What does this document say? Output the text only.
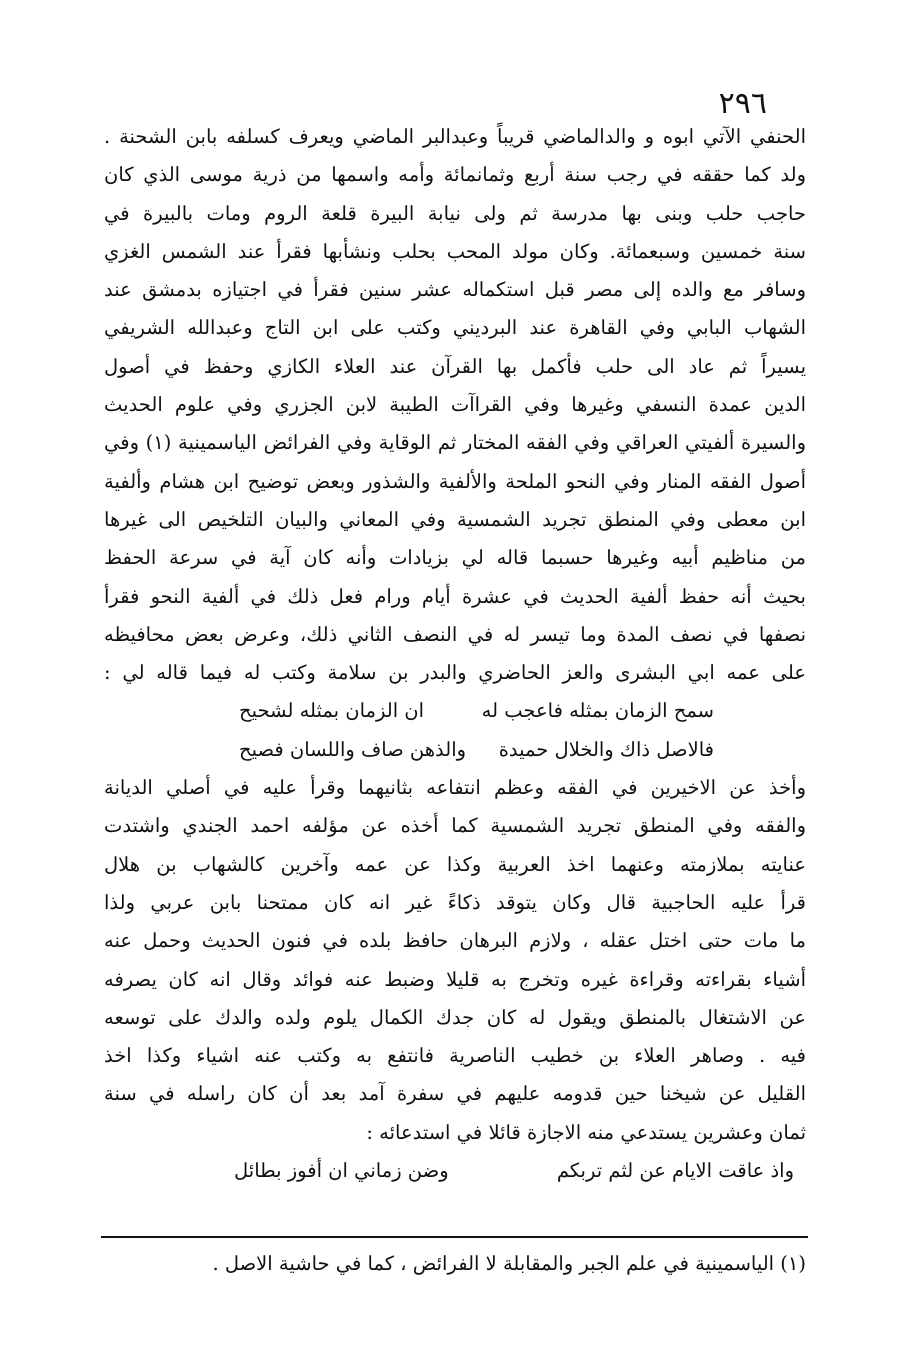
٢٩٦
الحنفي الآتي ابوه و والدالماضي قريباً وعبدالبر الماضي ويعرف كسلفه بابن الشحنة .
ولد كما حققه في رجب سنة أربع وثمانمائة وأمه واسمها من ذرية موسى الذي كان
حاجب حلب وبنى بها مدرسة ثم ولى نيابة البيرة قلعة الروم ومات بالبيرة في
سنة خمسين وسبعمائة. وكان مولد المحب بحلب ونشأبها فقرأ عند الشمس الغزي
وسافر مع والده إلى مصر قبل استكماله عشر سنين فقرأ في اجتيازه بدمشق عند
الشهاب البابي وفي القاهرة عند البرديني وكتب على ابن التاج وعبدالله الشريفي
يسيراً ثم عاد الى حلب فأكمل بها القرآن عند العلاء الكازي وحفظ في أصول
الدين عمدة النسفي وغيرها وفي القراآت الطيبة لابن الجزري وفي علوم الحديث
والسيرة ألفيتي العراقي وفي الفقه المختار ثم الوقاية وفي الفرائض الياسمينية (١) وفي
أصول الفقه المنار وفي النحو الملحة والألفية والشذور وبعض توضيح ابن هشام وألفية
ابن معطى وفي المنطق تجريد الشمسية وفي المعاني والبيان التلخيص الى غيرها
من مناظيم أبيه وغيرها حسبما قاله لي بزيادات وأنه كان آية في سرعة الحفظ
بحيث أنه حفظ ألفية الحديث في عشرة أيام ورام فعل ذلك في ألفية النحو فقرأ
نصفها في نصف المدة وما تيسر له في النصف الثاني ذلك، وعرض بعض محافيظه
على عمه ابي البشرى والعز الحاضري والبدر بن سلامة وكتب له فيما قاله لي :
سمح الزمان بمثله فاعجب له
ان الزمان بمثله لشحيح
فالاصل ذاك والخلال حميدة
والذهن صاف واللسان فصيح
وأخذ عن الاخيرين في الفقه وعظم انتفاعه بثانيهما وقرأ عليه في أصلي الديانة
والفقه وفي المنطق تجريد الشمسية كما أخذه عن مؤلفه احمد الجندي واشتدت
عنايته بملازمته وعنهما اخذ العربية وكذا عن عمه وآخرين كالشهاب بن هلال
قرأ عليه الحاجبية قال وكان يتوقد ذكاءً غير انه كان ممتحنا بابن عربي ولذا
ما مات حتى اختل عقله ، ولازم البرهان حافظ بلده في فنون الحديث وحمل عنه
أشياء بقراءته وقراءة غيره وتخرج به قليلا وضبط عنه فوائد وقال انه كان يصرفه
عن الاشتغال بالمنطق ويقول له كان جدك الكمال يلوم ولده والدك على توسعه
فيه . وصاهر العلاء بن خطيب الناصرية فانتفع به وكتب عنه اشياء وكذا اخذ
القليل عن شيخنا حين قدومه عليهم في سفرة آمد بعد أن كان راسله في سنة
ثمان وعشرين يستدعي منه الاجازة قائلا في استدعائه :
واذ عاقت الايام عن لثم تربكم
وضن زماني ان أفوز بطائل
(١) الياسمينية في علم الجبر والمقابلة لا الفرائض ، كما في حاشية الاصل .
